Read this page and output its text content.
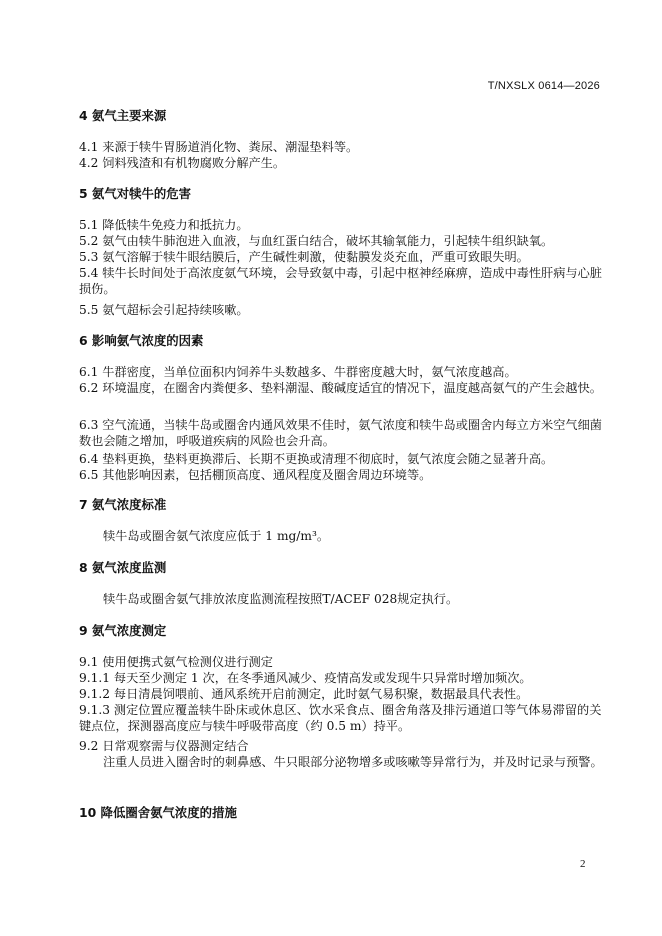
T/NXSLX 0614—2026
4 氨气主要来源
4.1 来源于犊牛胃肠道消化物、粪尿、潮湿垫料等。
4.2 饲料残渣和有机物腐败分解产生。
5 氨气对犊牛的危害
5.1 降低犊牛免疫力和抵抗力。
5.2 氨气由犊牛肺泡进入血液，与血红蛋白结合，破坏其输氧能力，引起犊牛组织缺氧。
5.3 氨气溶解于犊牛眼结膜后，产生碱性刺激，使黏膜发炎充血，严重可致眼失明。
5.4 犊牛长时间处于高浓度氨气环境，会导致氨中毒，引起中枢神经麻痹，造成中毒性肝病与心脏损伤。
5.5 氨气超标会引起持续咳嗽。
6 影响氨气浓度的因素
6.1 牛群密度，当单位面积内饲养牛头数越多、牛群密度越大时，氨气浓度越高。
6.2 环境温度，在圈舍内粪便多、垫料潮湿、酸碱度适宜的情况下，温度越高氨气的产生会越快。
6.3 空气流通，当犊牛岛或圈舍内通风效果不佳时，氨气浓度和犊牛岛或圈舍内每立方米空气细菌数也会随之增加，呼吸道疾病的风险也会升高。
6.4 垫料更换，垫料更换滞后、长期不更换或清理不彻底时，氨气浓度会随之显著升高。
6.5 其他影响因素，包括棚顶高度、通风程度及圈舍周边环境等。
7 氨气浓度标准
犊牛岛或圈舍氨气浓度应低于 1 mg/m³。
8 氨气浓度监测
犊牛岛或圈舍氨气排放浓度监测流程按照T/ACEF 028规定执行。
9 氨气浓度测定
9.1 使用便携式氨气检测仪进行测定
9.1.1 每天至少测定 1 次，在冬季通风减少、疫情高发或发现牛只异常时增加频次。
9.1.2 每日清晨饲喂前、通风系统开启前测定，此时氨气易积聚，数据最具代表性。
9.1.3 测定位置应覆盖犊牛卧床或休息区、饮水采食点、圈舍角落及排污通道口等气体易滞留的关键点位，探测器高度应与犊牛呼吸带高度（约 0.5 m）持平。
9.2 日常观察需与仪器测定结合
注重人员进入圈舍时的刺鼻感、牛只眼部分泌物增多或咳嗽等异常行为，并及时记录与预警。
10 降低圈舍氨气浓度的措施
2
